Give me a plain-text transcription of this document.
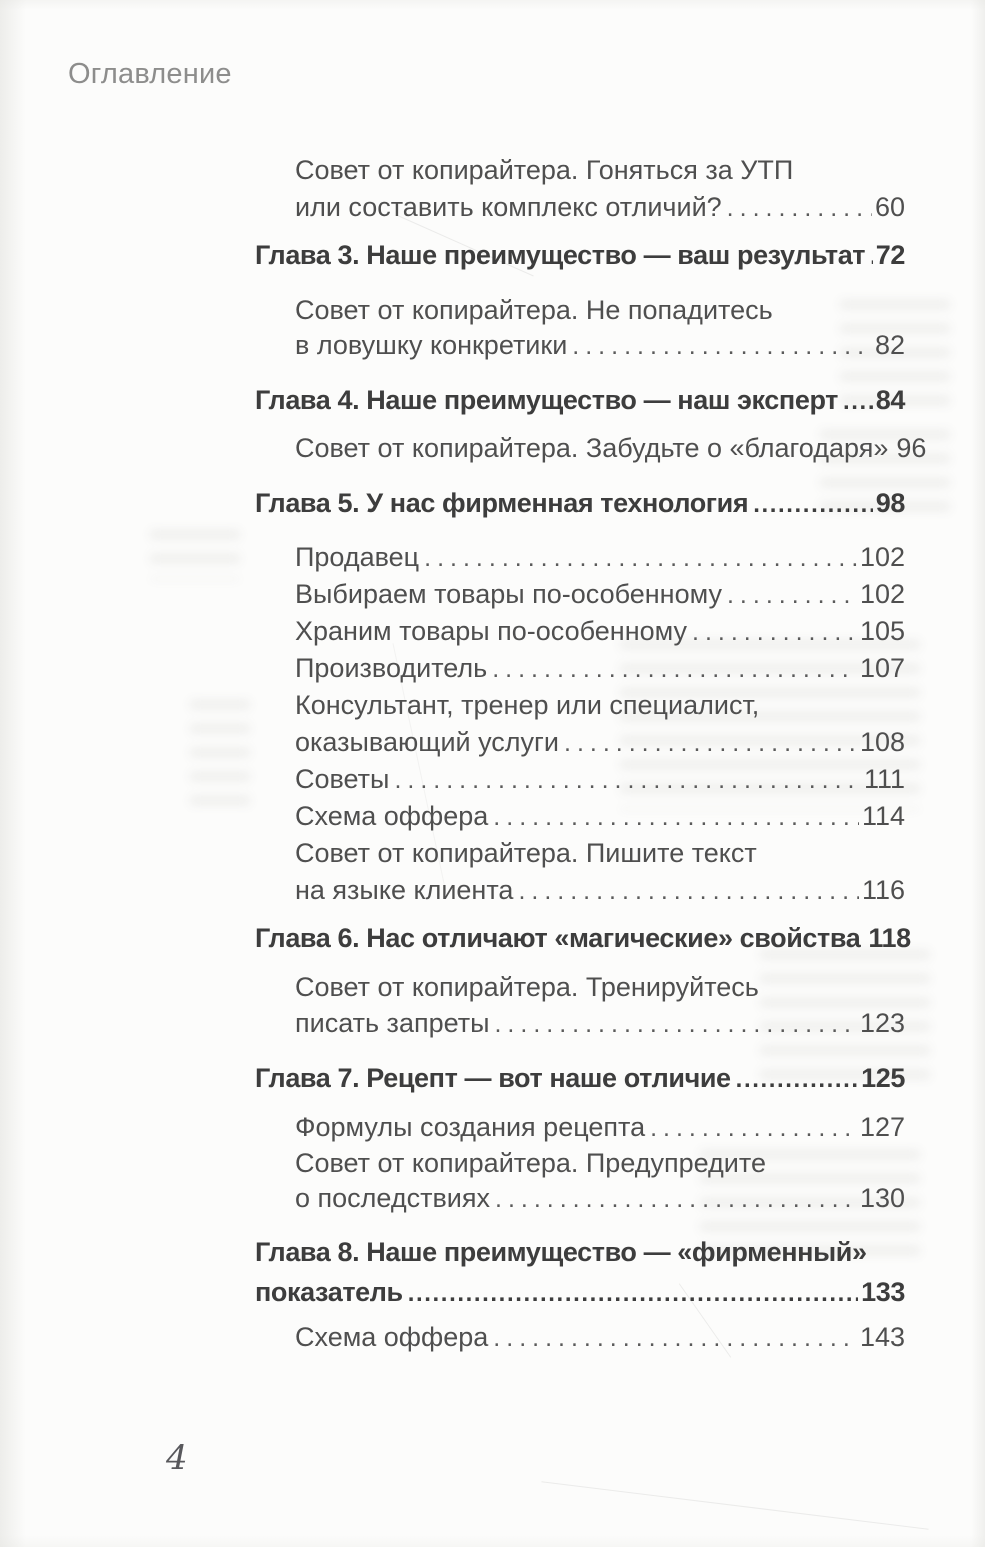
Оглавление
Совет от копирайтера. Гоняться за УТП
или составить комплекс отличий? .....	60
Глава 3. Наше преимущество — ваш результат ..... 72
Совет от копирайтера. Не попадитесь
в ловушку конкретики .....	82
Глава 4. Наше преимущество — наш эксперт ..... 84
Совет от копирайтера. Забудьте о «благодаря» 96
Глава 5. У нас фирменная технология .....	98
Продавец .....	102
Выбираем товары по-особенному .....	102
Храним товары по-особенному .....	105
Производитель .....	107
Консультант, тренер или специалист,
оказывающий услуги .....	108
Советы .....	111
Схема оффера .....	114
Совет от копирайтера. Пишите текст
на языке клиента .....	116
Глава 6. Нас отличают «магические» свойства 118
Совет от копирайтера. Тренируйтесь
писать запреты .....	123
Глава 7. Рецепт — вот наше отличие .....	125
Формулы создания рецепта .....	127
Совет от копирайтера. Предупредите
о последствиях .....	130
Глава 8. Наше преимущество — «фирменный»
показатель .....	133
Схема оффера .....	143
4
